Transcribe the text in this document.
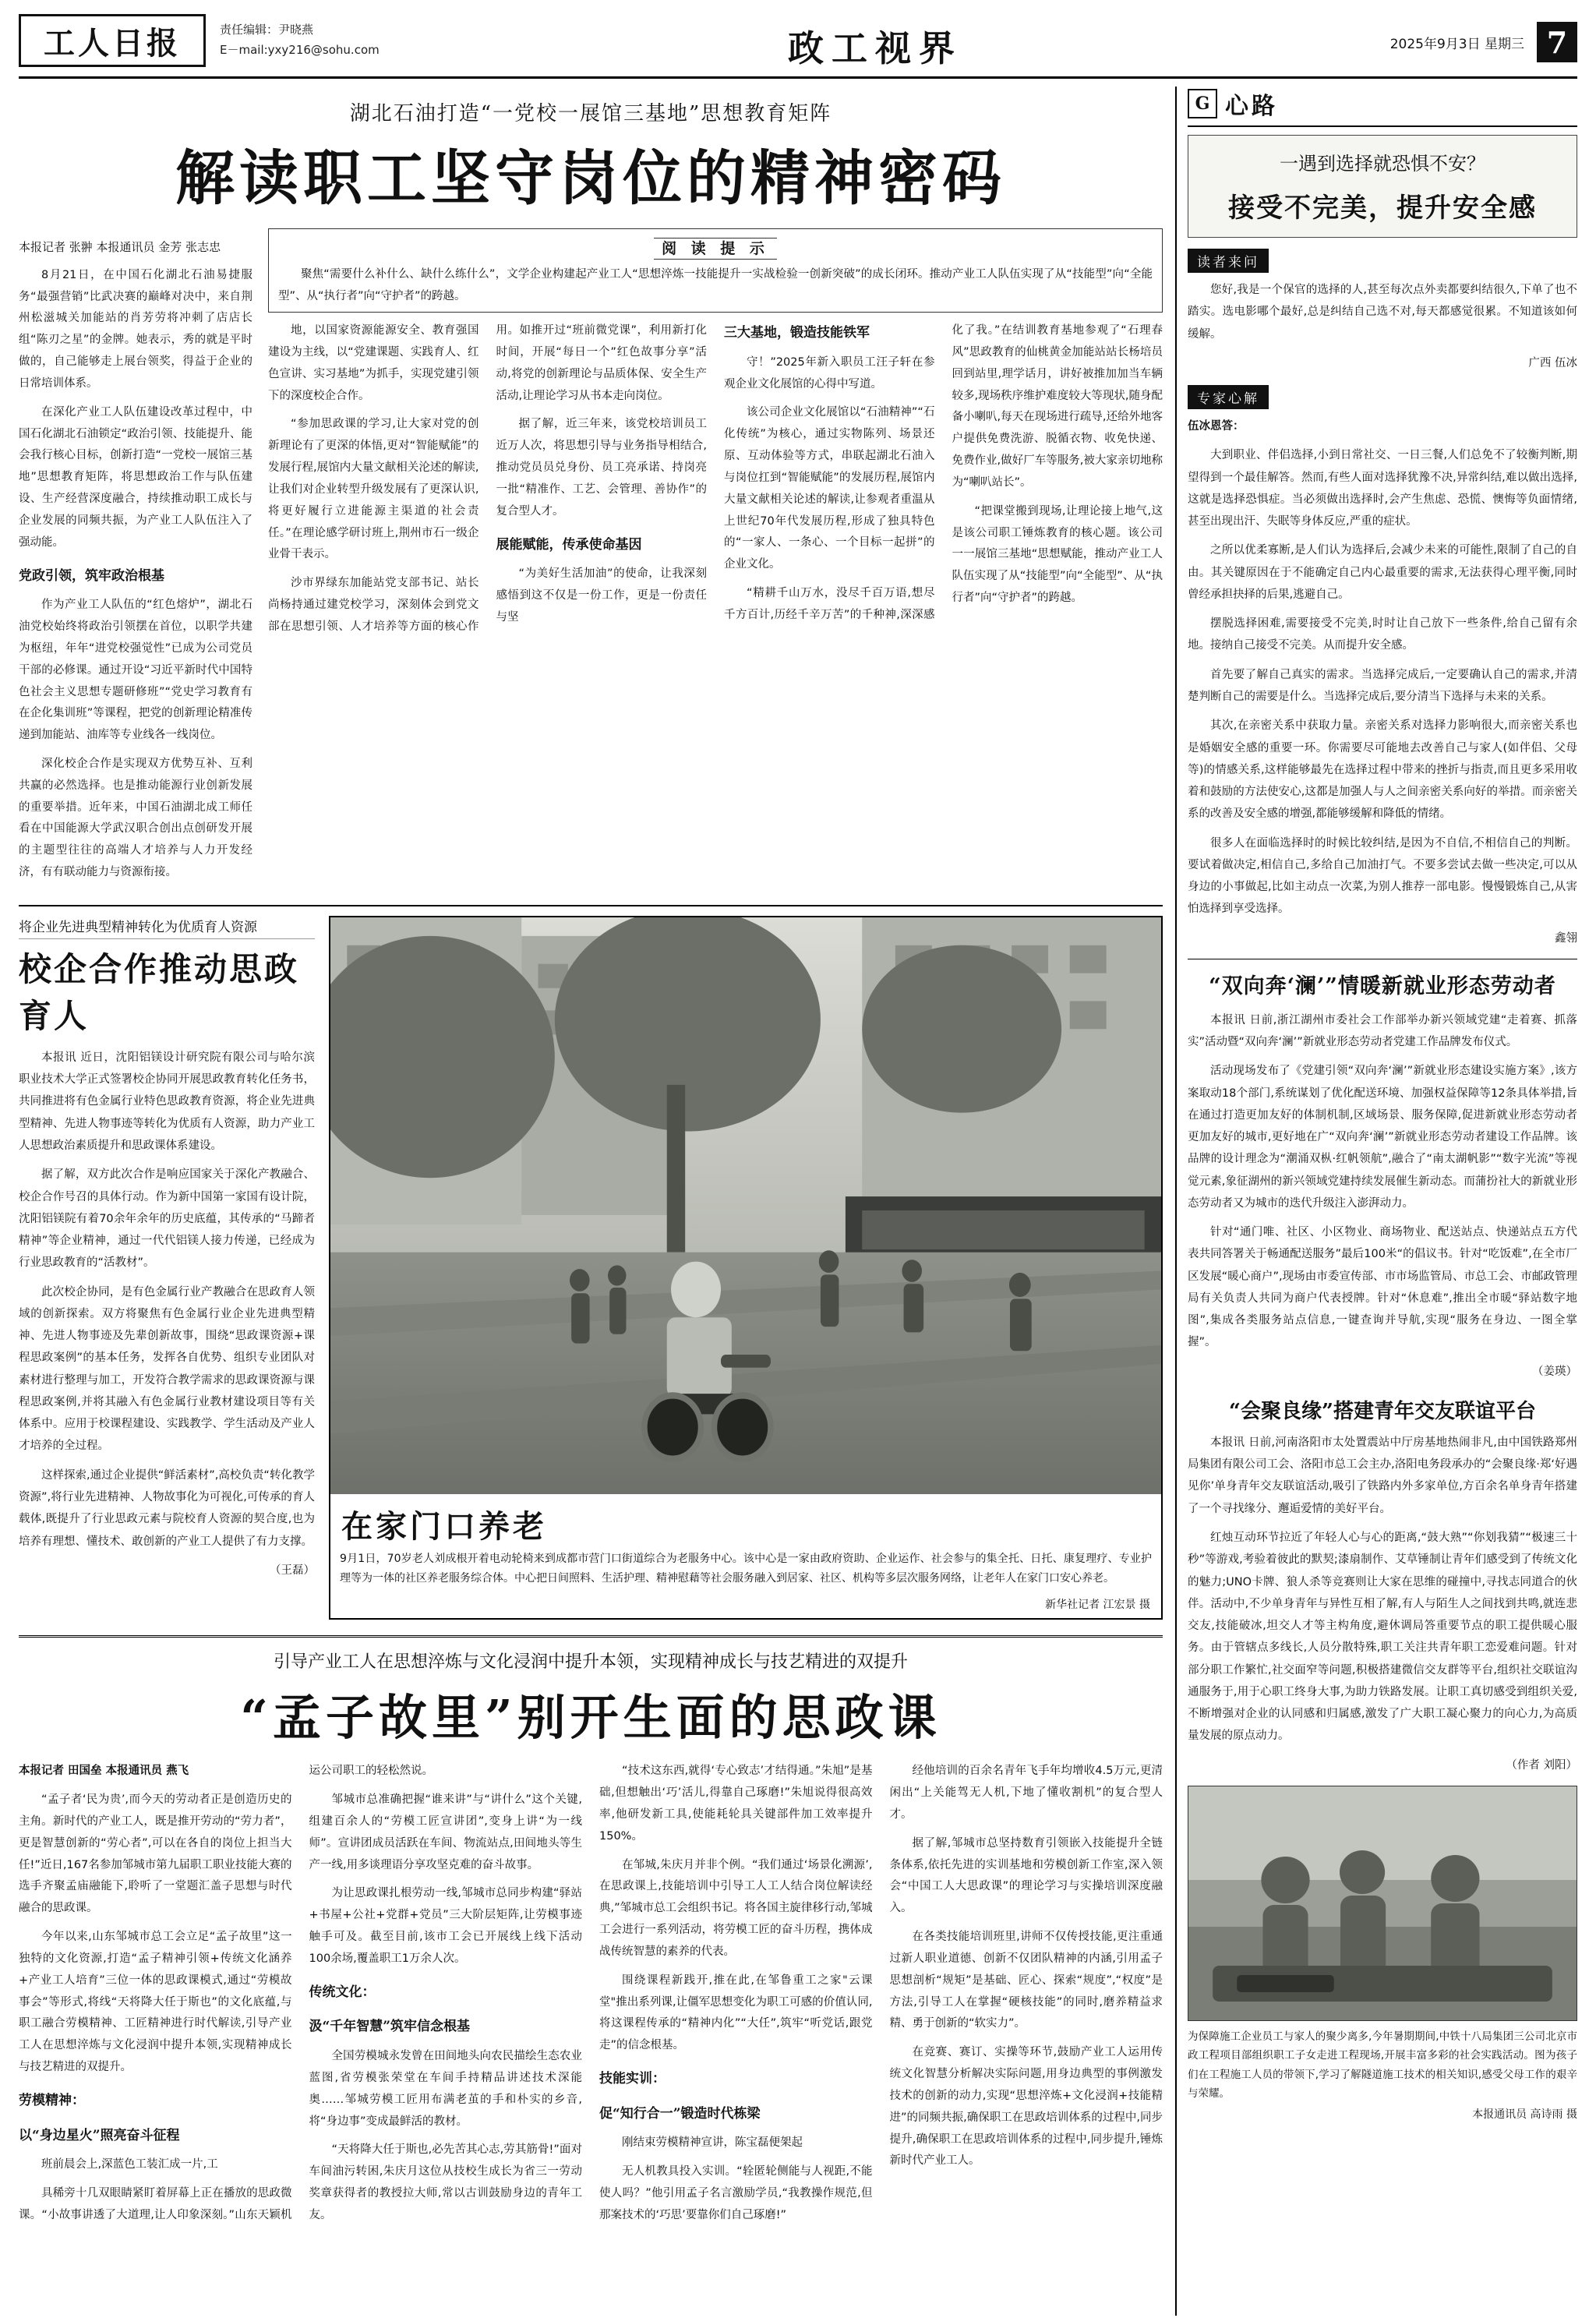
工人日报	责任编辑：尹晓燕
E－mail:yxy216@sohu.com	政工视界	2025年9月3日 星期三 7
湖北石油打造“一党校一展馆三基地”思想教育矩阵
解读职工坚守岗位的精神密码
本报记者 张翀 本报通讯员 金芳 张志忠

8月21日，在中国石化湖北石油易捷服务“最强营销”比武决赛的巅峰对决中，来自荆州松滋城关加能站的肖芳劳将冲刺了店店长组“陈刃之星”的金牌。她表示，秀的就是平时做的，自己能够走上展台领奖，得益于企业的日常培训体系。

在深化产业工人队伍建设改革过程中，中国石化湖北石油锁定“政治引领、技能提升、能会我行核心目标，创新打造“一党校一展馆三基地”思想教育矩阵，将思想政治工作与队伍建设、生产经营深度融合，持续推动职工成长与企业发展的同频共振，为产业工人队伍注入了强动能。

党政引领，筑牢政治根基

作为产业工人队伍的“红色熔炉”，湖北石油党校始终将政治引领摆在首位，以职学共建为枢纽，年年“进党校强觉性”已成为公司党员干部的必修课。通过开设“习近平新时代中国特色社会主义思想专题研修班”“党史学习教育有在企化集训班”等课程，把党的创新理论精准传递到加能站、油库等专业线各一线岗位。

深化校企合作是实现双方优势互补、互利共赢的必然选择。也是推动能源行业创新发展的重要举措。近年来，中国石油湖北成工师任看在中国能源大学武汉职合创出点创研发开展的主题型往往的高端人才培养与人力开发经济，有有联动能力与资源衔接。

阅 读 提 示
聚焦“需要什么补什么、缺什么练什么”，文学企业构建起产业工人“思想淬炼一技能提升一实战检验一创新突破”的成长闭环。推动产业工人队伍实现了从“技能型”向“全能型”、从“执行者”向“守护者”的跨越。

地，以国家资源能源安全、教育强国建设为主线，以“党建课题、实践育人、红色宣讲、实习基地”为抓手，实现党建引领下的深度校企合作。

“参加思政课的学习,让大家对党的创新理论有了更深的体悟,更对“智能赋能”的发展行程,展馆内大量文献相关沦述的解读,让我们对企业转型升级发展有了更深认识,将更好履行立进能源主渠道的社会责任。”在理论感学研讨班上,荆州市石一级企业骨干表示。

沙市界绿东加能站党支部书记、站长尚杨持通过建党校学习，深刻体会到党文部在思想引领、人才培养等方面的核心作用。如推开过“班前微党课”，利用新打化时间，开展“每日一个”红色故事分享”活动,将党的创新理论与品质体保、安全生产活动,让理论学习从书本走向岗位。

据了解，近三年来，该党校培训员工近万人次，将思想引导与业务指导相结合,推动党员员兑身份、员工亮承诺、持岗亮一批“精准作、工艺、会管理、善协作”的复合型人才。

展能赋能，传承使命基因

“为美好生活加油”的使命，让我深刻感悟到这不仅是一份工作，更是一份责任与坚

三大基地，锻造技能铁军

守！”2025年新入职员工汪子轩在参观企业文化展馆的心得中写道。

该公司企业文化展馆以“石油精神”“石化传统”为核心，通过实物陈列、场景还原、互动体验等方式，串联起湖北石油入与岗位扛到“智能赋能”的发展历程,展馆内大量文献相关论述的解读,让参观者重温从上世纪70年代发展历程,形成了独具特色的“一家人、一条心、一个目标一起拼”的企业文化。

“精耕千山万水，没尽千百万语,想尽千方百计,历经千辛万苦”的千种神,深深感化了我。”在结训教育基地参观了“石理春风”思政教育的仙桃黄金加能站站长杨培员回到站里,理学话月，讲好被推加加当车辆较多,现场秩序维护难度较大等现状,随身配备小喇叭,每天在现场进行疏导,还给外地客户提供免费洗游、脱循衣物、收免快递、免费作业,做好厂车等服务,被大家亲切地称为“喇叭站长”。

“把课堂搬到现场,让理论接上地气,这是该公司职工锤炼教育的核心题。该公司一一展馆三基地“思想赋能，推动产业工人队伍实现了从“技能型”向“全能型”、从“执行者”向“守护者”的跨越。

将企业先进典型精神转化为优质育人资源
校企合作推动思政育人

本报讯 近日，沈阳铝镁设计研究院有限公司与哈尔滨职业技术大学正式签署校企协同开展思政教育转化任务书，共同推进将有色金属行业特色思政教育资源，将企业先进典型精神、先进人物事迹等转化为优质有人资源，助力产业工人思想政治素质提升和思政课体系建设。

据了解，双方此次合作是响应国家关于深化产教融合、校企合作号召的具体行动。作为新中国第一家国有设计院，沈阳铝镁院有着70余年余年的历史底蕴，其传承的“马蹄者精神”等企业精神，通过一代代铝镁人接力传递，已经成为行业思政教育的“活教材”。

此次校企协同，是有色金属行业产教融合在思政育人领域的创新探索。双方将聚焦有色金属行业企业先进典型精神、先进人物事迹及先辈创新故事，围绕“思政课资源+课程思政案例”的基本任务，发挥各自优势、组织专业团队对素材进行整理与加工，开发符合教学需求的思政课资源与课程思政案例,并将其融入有色金属行业教材建设项目等有关体系中。应用于校课程建设、实践教学、学生活动及产业人才培养的全过程。

这样探索,通过企业提供“鲜活素材”,高校负责“转化教学资源”,将行业先进精神、人物故事化为可视化,可传承的育人载体,既提升了行业思政元素与院校育人资源的契合度,也为培养有理想、懂技术、敢创新的产业工人提供了有力支撑。

（王磊）
在家门口养老
9月1日，70岁老人刘成根开着电动轮椅来到成都市营门口街道综合为老服务中心。该中心是一家由政府资助、企业运作、社会参与的集全托、日托、康复理疗、专业护理等为一体的社区养老服务综合体。中心把日间照料、生活护理、精神慰藉等社会服务融入到居家、社区、机构等多层次服务网络，让老年人在家门口安心养老。
新华社记者 江宏景 摄
引导产业工人在思想淬炼与文化浸润中提升本领，实现精神成长与技艺精进的双提升
“孟子故里”别开生面的思政课

本报记者 田国垒 本报通讯员 燕飞

“孟子者‘民为贵’,而今天的劳动者正是创造历史的主角。新时代的产业工人，既是推开劳动的“劳力者”，更是智慧创新的“劳心者”,可以在各自的岗位上担当大任!”近日,167名参加邹城市第九届职工职业技能大赛的选手齐聚孟庙融能下,聆听了一堂题汇盖子思想与时代融合的思政课。

今年以来,山东邹城市总工会立足“孟子故里”这一独特的文化资源,打造“孟子精神引领+传统文化涵养+产业工人培育”三位一体的思政课模式,通过“劳模故事会”等形式,将线“天将降大任于斯也”的文化底蕴,与职工融合劳模精神、工匠精神进行时代解读,引导产业工人在思想淬炼与文化浸润中提升本领,实现精神成长与技艺精进的双提升。

劳模精神：
以“身边星火”照亮奋斗征程

班前晨会上,深蓝色工装汇成一片,工

具稀旁十几双眼睛紧盯着屏幕上正在播放的思政微课。“小故事讲透了大道理,让人印象深刻。”山东天颖机运公司职工的轻松然说。

邹城市总准确把握“谁来讲”与“讲什么”这个关键,组建百余人的“劳模工匠宣讲团”,变身上讲“为一线师”。宣讲团成员活跃在车间、物流站点,田间地头等生产一线,用多谈理语分享攻坚克难的奋斗故事。

为让思政课扎根劳动一线,邹城市总同步构建“驿站+书屋+公社+党群+党员”三大阶层矩阵,让劳模事迹触手可及。截至目前,该市工会已开展线上线下活动100余场,覆盖职工1万余人次。

传统文化：
汲“千年智慧”筑牢信念根基

全国劳模城永发曾在田间地头向农民描绘生态农业蓝图,省劳模张荣堂在车间手持精品讲述技术深能奥……邹城劳模工匠用布满老茧的手和朴实的乡音,将“身边事”变成最鲜活的教材。

“天将降大任于斯也,必先苦其心志,劳其筋骨!”面对车间油污转困,朱庆月这位从技校生成长为省三一劳动奖章获得者的教授拉大师,常以古训鼓励身边的青年工友。

“技术这东西,就得‘专心致志’才结得通。”朱旭”是基础,但想触出‘巧’活儿,得靠自己琢磨!”朱旭说得很高效率,他研发新工具,使能耗轮具关键部件加工效率提升150%。

在邹城,朱庆月并非个例。“我们通过‘场景化溯源’,在思政课上,技能培训中引导工人工人结合岗位解读经典,”邹城市总工会组织书记。将各国主旋律移行动,邹城工会进行一系列活动，将劳模工匠的奋斗历程，携体成战传统智慧的素养的代表。

围绕课程新践开,推在此,在邹鲁重工之家"云课堂"推出系列课,让僵军思想变化为职工可感的价值认同,将这课程传承的“精神内化”“大任”,筑牢“听党话,跟党走”的信念根基。

技能实训：
促“知行合一”锻造时代栋梁

刚结束劳模精神宣讲，陈宝磊便架起

无人机教具投入实训。“辁匿轮侧能与人视距,不能使人吗？”他引用孟子名言激励学员,“我教操作规范,但那案技术的‘巧思’要靠你们自己琢磨!”

经他培训的百余名青年飞手年均增收4.5万元,更清闲出“上关能驾无人机,下地了懂收割机”的复合型人才。

据了解,邹城市总坚持数育引领嵌入技能提升全链条体系,依托先进的实训基地和劳模创新工作室,深入领会“中国工人大思政课”的理论学习与实操培训深度融入。

在各类技能培训班里,讲师不仅传授技能,更注重通过新人职业道德、创新不仅团队精神的内涵,引用孟子思想剖析“规矩”是基础、匠心、探索“规度”,“权度”是方法,引导工人在掌握“硬核技能”的同时,磨养精益求精、勇于创新的“软实力”。

在竞赛、赛订、实操等环节,鼓励产业工人运用传统文化智慧分析解决实际问题,用身边典型的事例激发技术的创新的动力,实现“思想淬炼+文化浸润+技能精进”的同频共振,确保职工在思政培训体系的过程中,同步提升,确保职工在思政培训体系的过程中,同步提升,锤炼新时代产业工人。

G 心路
一遇到选择就恐惧不安？
接受不完美，提升安全感
读者来问

您好,我是一个保官的选择的人,甚至每次点外卖都要纠结很久,下单了也不踏实。选电影哪个最好,总是纠结自己选不对,每天都感觉很累。不知道该如何缓解。

广西 伍冰
专家心解

伍冰恩答：

大到职业、伴侣选择,小到日常社交、一日三餐,人们总免不了较衡判断,期望得到一个最佳解答。然而,有些人面对选择犹豫不决,异常纠结,难以做出选择,这就是选择恐惧症。当必须做出选择时,会产生焦虑、恐慌、懊悔等负面情绪,甚至出现出汗、失眠等身体反应,严重的症状。

之所以优柔寡断,是人们认为选择后,会减少未来的可能性,限制了自己的自由。其关键原因在于不能确定自己内心最重要的需求,无法获得心理平衡,同时曾经承担抉择的后果,逃避自己。

摆脱选择困难,需要接受不完美,时时让自己放下一些条件,给自己留有余地。接纳自己接受不完美。从而提升安全感。

首先要了解自己真实的需求。当选择完成后,一定要确认自己的需求,并清楚判断自己的需要是什么。当选择完成后,要分清当下选择与未来的关系。

其次,在亲密关系中获取力量。亲密关系对选择力影响很大,而亲密关系也是婚姻安全感的重要一环。你需要尽可能地去改善自己与家人(如伴侣、父母等)的情感关系,这样能够最先在选择过程中带来的挫折与指责,而且更多采用收着和鼓励的方法使安心,这都是加强人与人之间亲密关系向好的举措。而亲密关系的改善及安全感的增强,都能够缓解和降低的情绪。

很多人在面临选择时的时候比较纠结,是因为不自信,不相信自己的判断。要试着做决定,相信自己,多给自己加油打气。不要多尝试去做一些决定,可以从身边的小事做起,比如主动点一次菜,为别人推荐一部电影。慢慢锻炼自己,从害怕选择到享受选择。

鑫翎
“双向奔‘澜’”情暖新就业形态劳动者

本报讯 日前,浙江湖州市委社会工作部举办新兴领域党建“走着赛、抓落实”活动暨“双向奔‘澜’”新就业形态劳动者党建工作品牌发布仪式。

活动现场发布了《党建引领“双向奔‘澜’”新就业形态建设实施方案》,该方案取动18个部门,系统谋划了优化配送环境、加强权益保障等12条具体举措,旨在通过打造更加友好的体制机制,区域场景、服务保障,促进新就业形态劳动者更加友好的城市,更好地在广“双向奔‘澜’”新就业形态劳动者建设工作品牌。该品牌的设计理念为“潮涌双枞·红帆领航”,融合了“南太湖帆影”“数字光流”等视觉元素,象征湖州的新兴领域党建持续发展催生新动态。而蒲扮社大的新就业形态劳动者又为城市的迭代升级注入澎湃动力。

针对“通门唯、社区、小区物业、商场物业、配送站点、快递站点五方代表共同答署关于畅通配送服务”最后100米“的倡议书。针对“吃饭难”,在全市厂区发展“暖心商户”,现场由市委宣传部、市市场监管局、市总工会、市邮政管理局有关负责人共同为商户代表授牌。针对“休息难”,推出全市暖“驿站数字地图”,集成各类服务站点信息,一键查询并导航,实现“服务在身边、一图全掌握”。

（姜瑛）
“会聚良缘”搭建青年交友联谊平台

本报讯 日前,河南洛阳市太处置震站中厅房基地热闹非凡,由中国铁路郑州局集团有限公司工会、洛阳市总工会主办,洛阳电务段承办的“会聚良缘·郑‘好遇见你’单身青年交友联谊活动,吸引了铁路内外多家单位,方百余名单身青年搭建了一个寻找缘分、邂逅爱情的美好平台。

红烛互动环节拉近了年轻人心与心的距离,“鼓大熟”“你划我猜”“极速三十秒”等游戏,考验着彼此的默契;漆扇制作、艾草锤制让青年们感受到了传统文化的魅力;UNO卡牌、狼人杀等竞赛则让大家在思维的碰撞中,寻找志同道合的伙伴。活动中,不少单身青年与异性互相了解,有人与陌生人之间找到共鸣,就连悲交友,技能破冰,坦交人才等主构角度,避休调局答重要节点的职工提供暖心服务。由于管辖点多线长,人员分散特殊,职工关注共青年职工恋爱难问题。针对部分职工作繁忙,社交面窄等问题,积极搭建微信交友群等平台,组织社交联谊沟通服务于,用于心职工终身大事,为助力铁路发展。让职工真切感受到组织关爱,不断增强对企业的认同感和归属感,激发了广大职工凝心聚力的向心力,为高质量发展的原点动力。

（作者 刘阳）
为保障施工企业员工与家人的聚少离多,今年暑期期间,中铁十八局集团三公司北京市政工程项目部组织职工子女走进工程现场,开展丰富多彩的社会实践活动。图为孩子们在工程施工人员的带领下,学习了解隧道施工技术的相关知识,感受父母工作的艰辛与荣耀。
本报通讯员 高诗雨 摄
